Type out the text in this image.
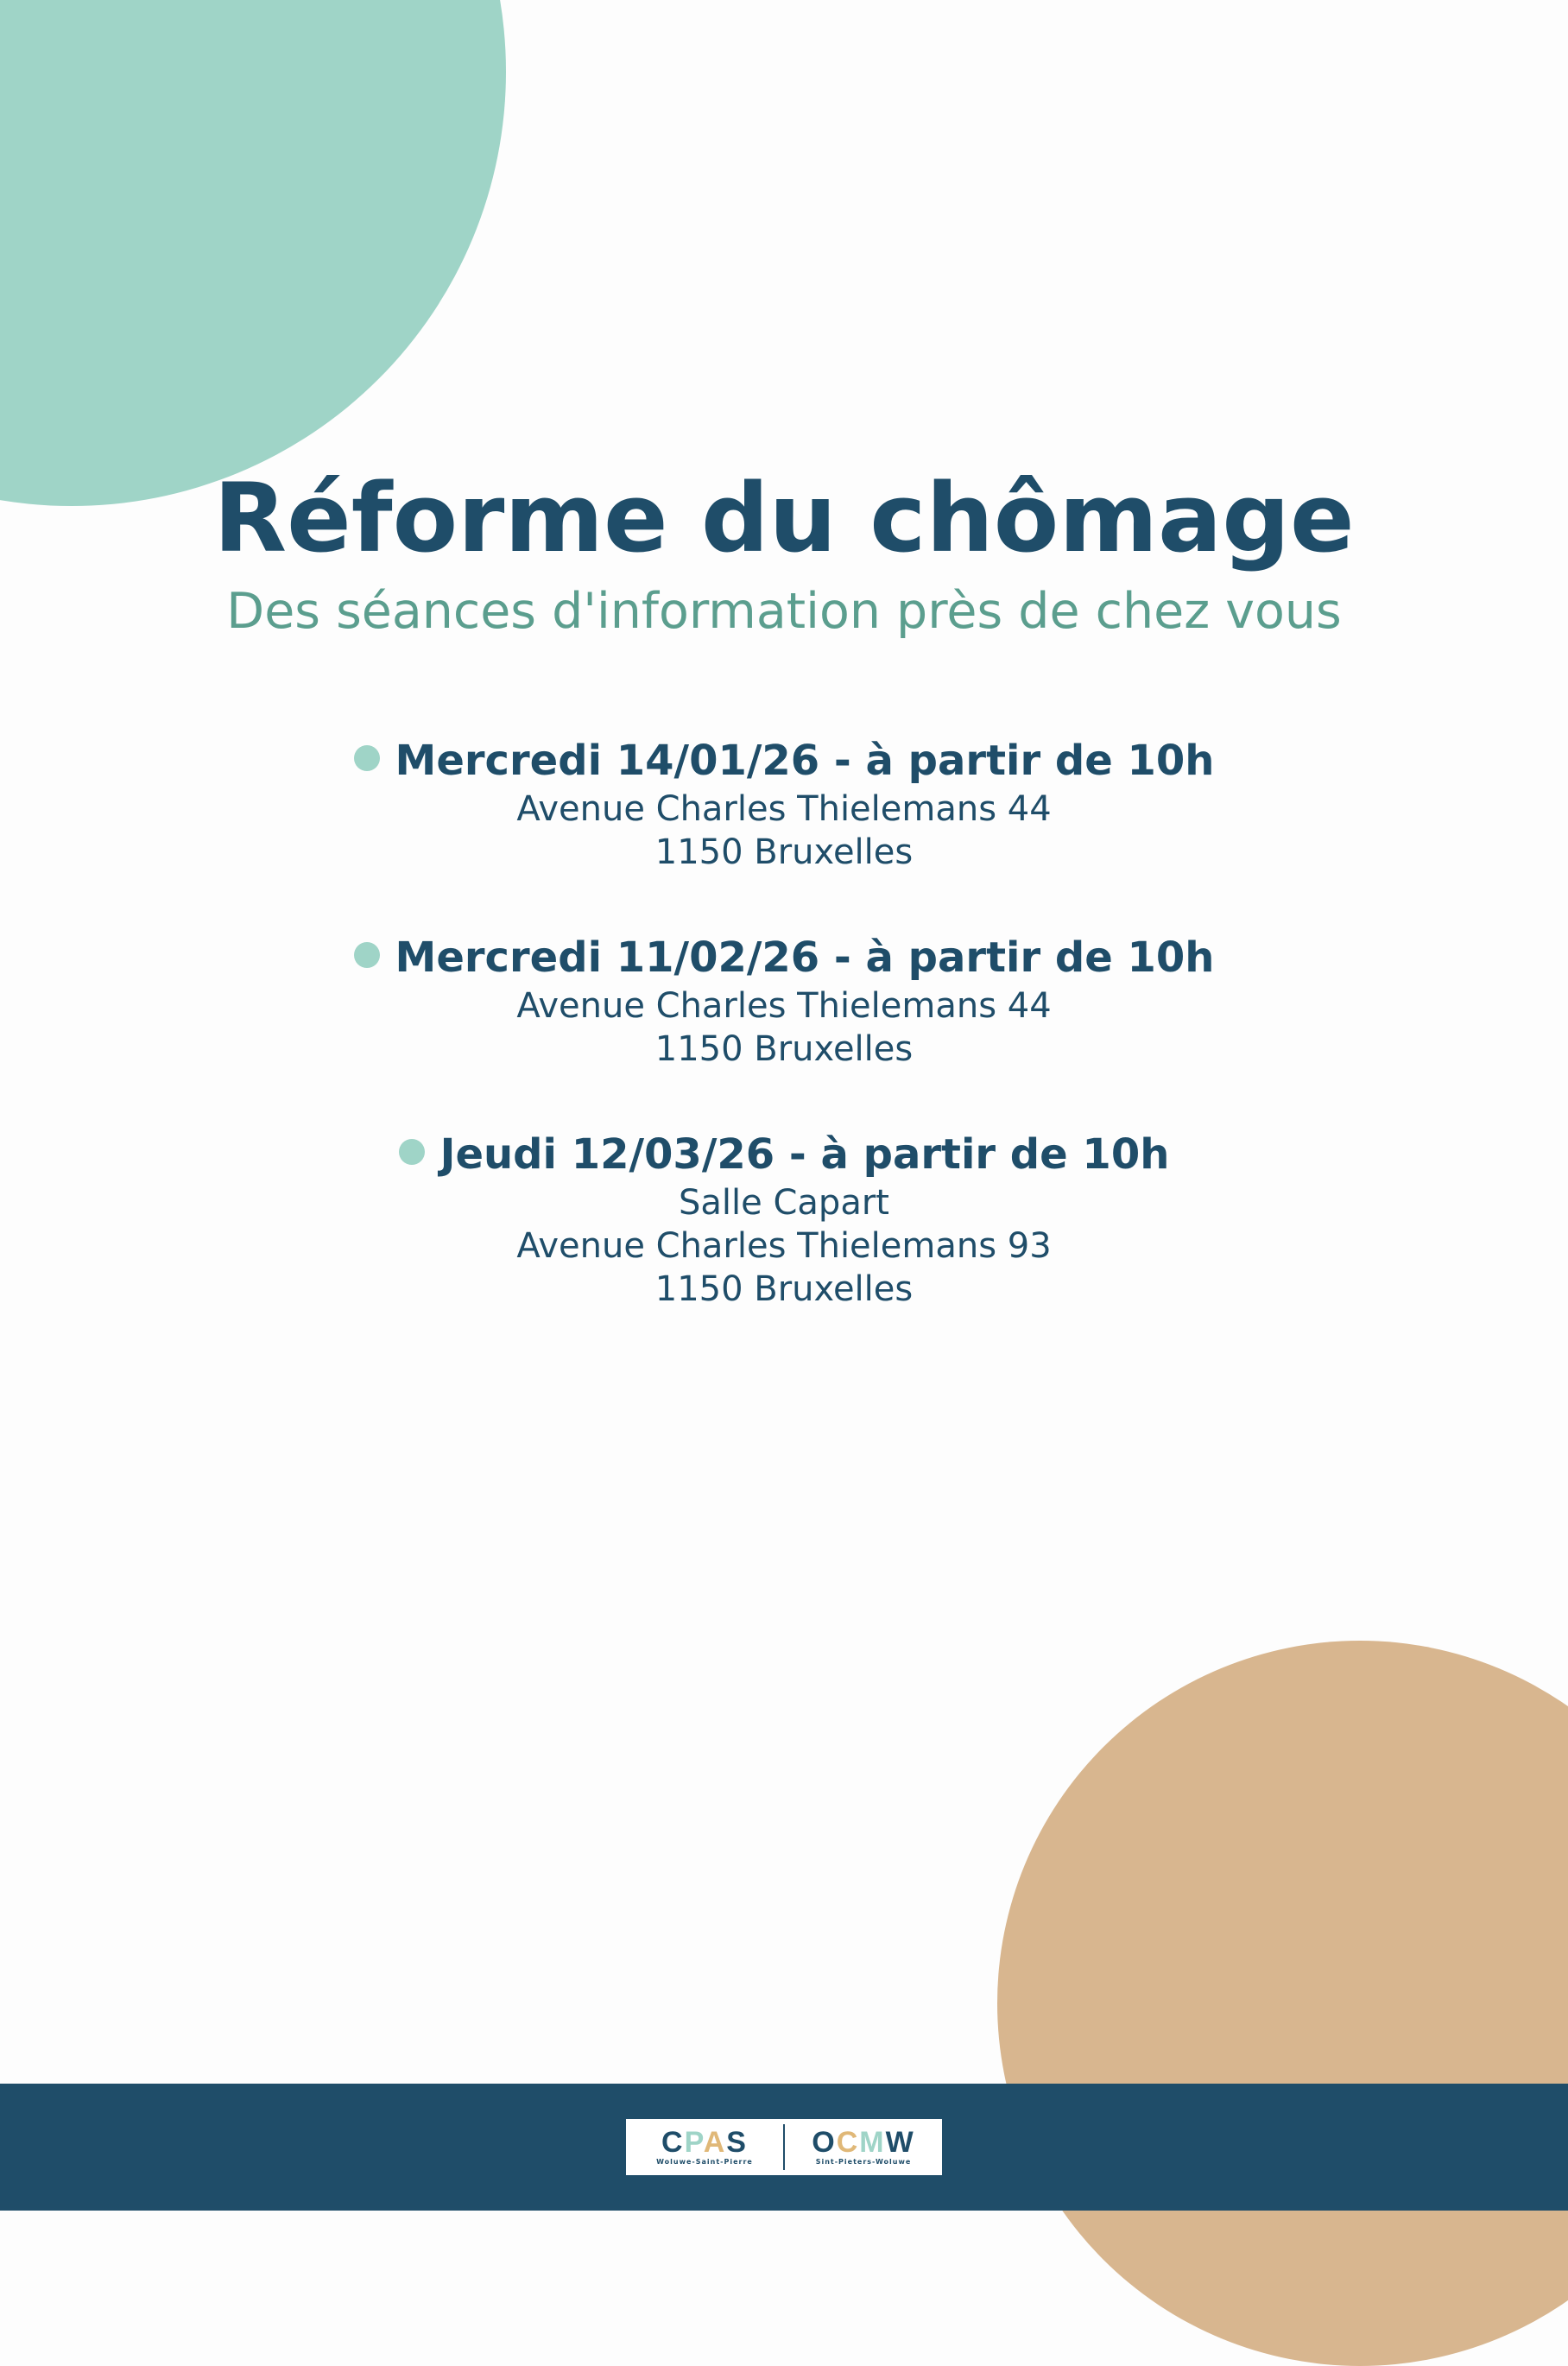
Réforme du chômage

Des séances d'information près de chez vous

Mercredi 14/01/26 - à partir de 10h
Avenue Charles Thielemans 44
1150 Bruxelles
Mercredi 11/02/26 - à partir de 10h
Avenue Charles Thielemans 44
1150 Bruxelles
Jeudi 12/03/26 - à partir de 10h
Salle Capart
Avenue Charles Thielemans 93
1150 Bruxelles
CPAS
Woluwe-Saint-Pierre
OCMW
Sint-Pieters-Woluwe
